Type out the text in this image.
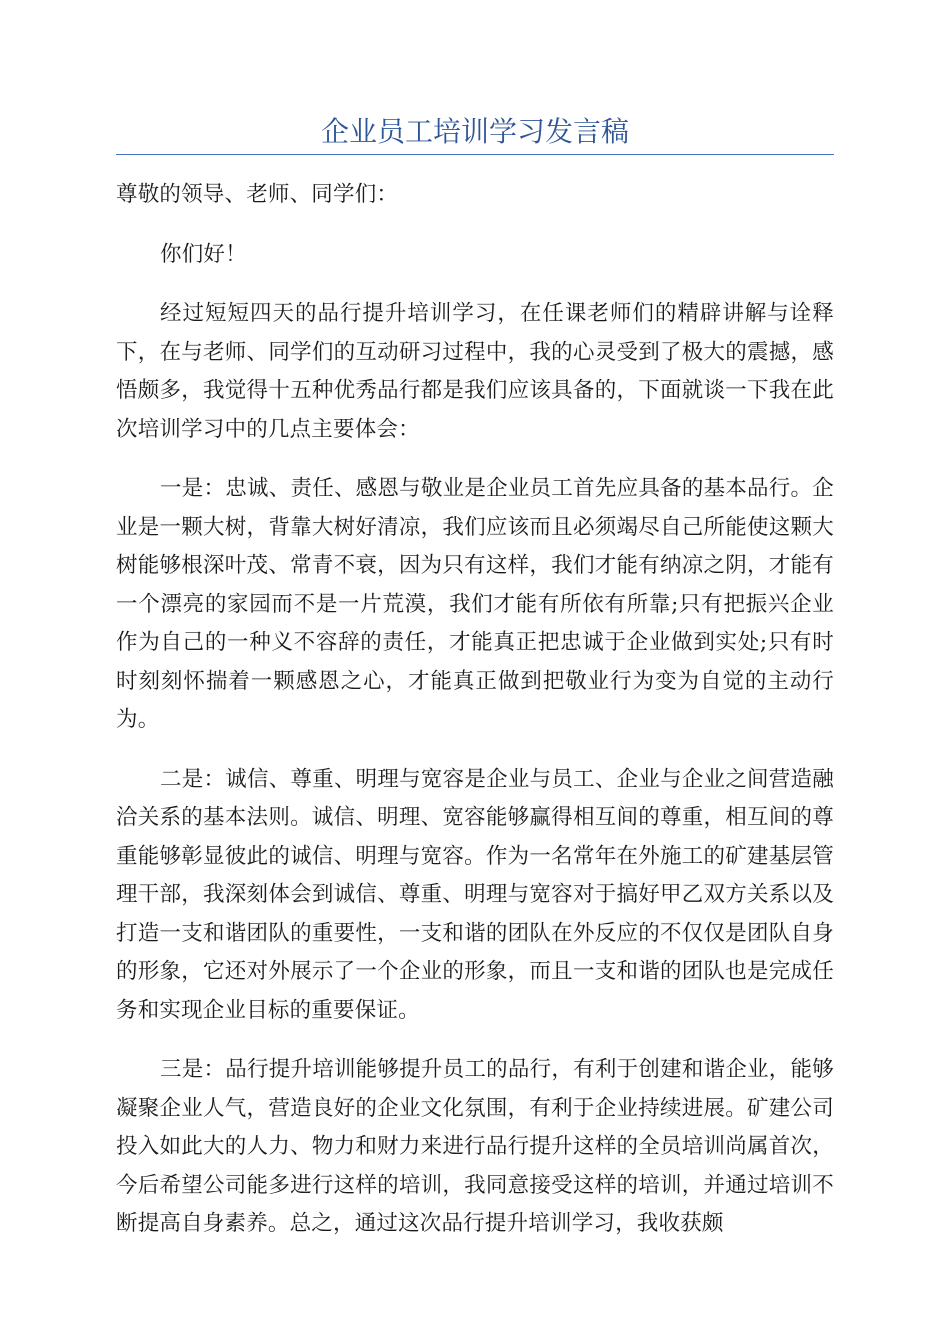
企业员工培训学习发言稿

尊敬的领导、老师、同学们：

你们好！

经过短短四天的品行提升培训学习，在任课老师们的精辟讲解与诠释下，在与老师、同学们的互动研习过程中，我的心灵受到了极大的震撼，感悟颇多，我觉得十五种优秀品行都是我们应该具备的，下面就谈一下我在此次培训学习中的几点主要体会：

一是：忠诚、责任、感恩与敬业是企业员工首先应具备的基本品行。企业是一颗大树，背靠大树好清凉，我们应该而且必须竭尽自己所能使这颗大树能够根深叶茂、常青不衰，因为只有这样，我们才能有纳凉之阴，才能有一个漂亮的家园而不是一片荒漠，我们才能有所依有所靠;只有把振兴企业作为自己的一种义不容辞的责任，才能真正把忠诚于企业做到实处;只有时时刻刻怀揣着一颗感恩之心，才能真正做到把敬业行为变为自觉的主动行为。

二是：诚信、尊重、明理与宽容是企业与员工、企业与企业之间营造融洽关系的基本法则。诚信、明理、宽容能够赢得相互间的尊重，相互间的尊重能够彰显彼此的诚信、明理与宽容。作为一名常年在外施工的矿建基层管理干部，我深刻体会到诚信、尊重、明理与宽容对于搞好甲乙双方关系以及打造一支和谐团队的重要性，一支和谐的团队在外反应的不仅仅是团队自身的形象，它还对外展示了一个企业的形象，而且一支和谐的团队也是完成任务和实现企业目标的重要保证。

三是：品行提升培训能够提升员工的品行，有利于创建和谐企业，能够凝聚企业人气，营造良好的企业文化氛围，有利于企业持续进展。矿建公司投入如此大的人力、物力和财力来进行品行提升这样的全员培训尚属首次，今后希望公司能多进行这样的培训，我同意接受这样的培训，并通过培训不断提高自身素养。总之，通过这次品行提升培训学习，我收获颇
